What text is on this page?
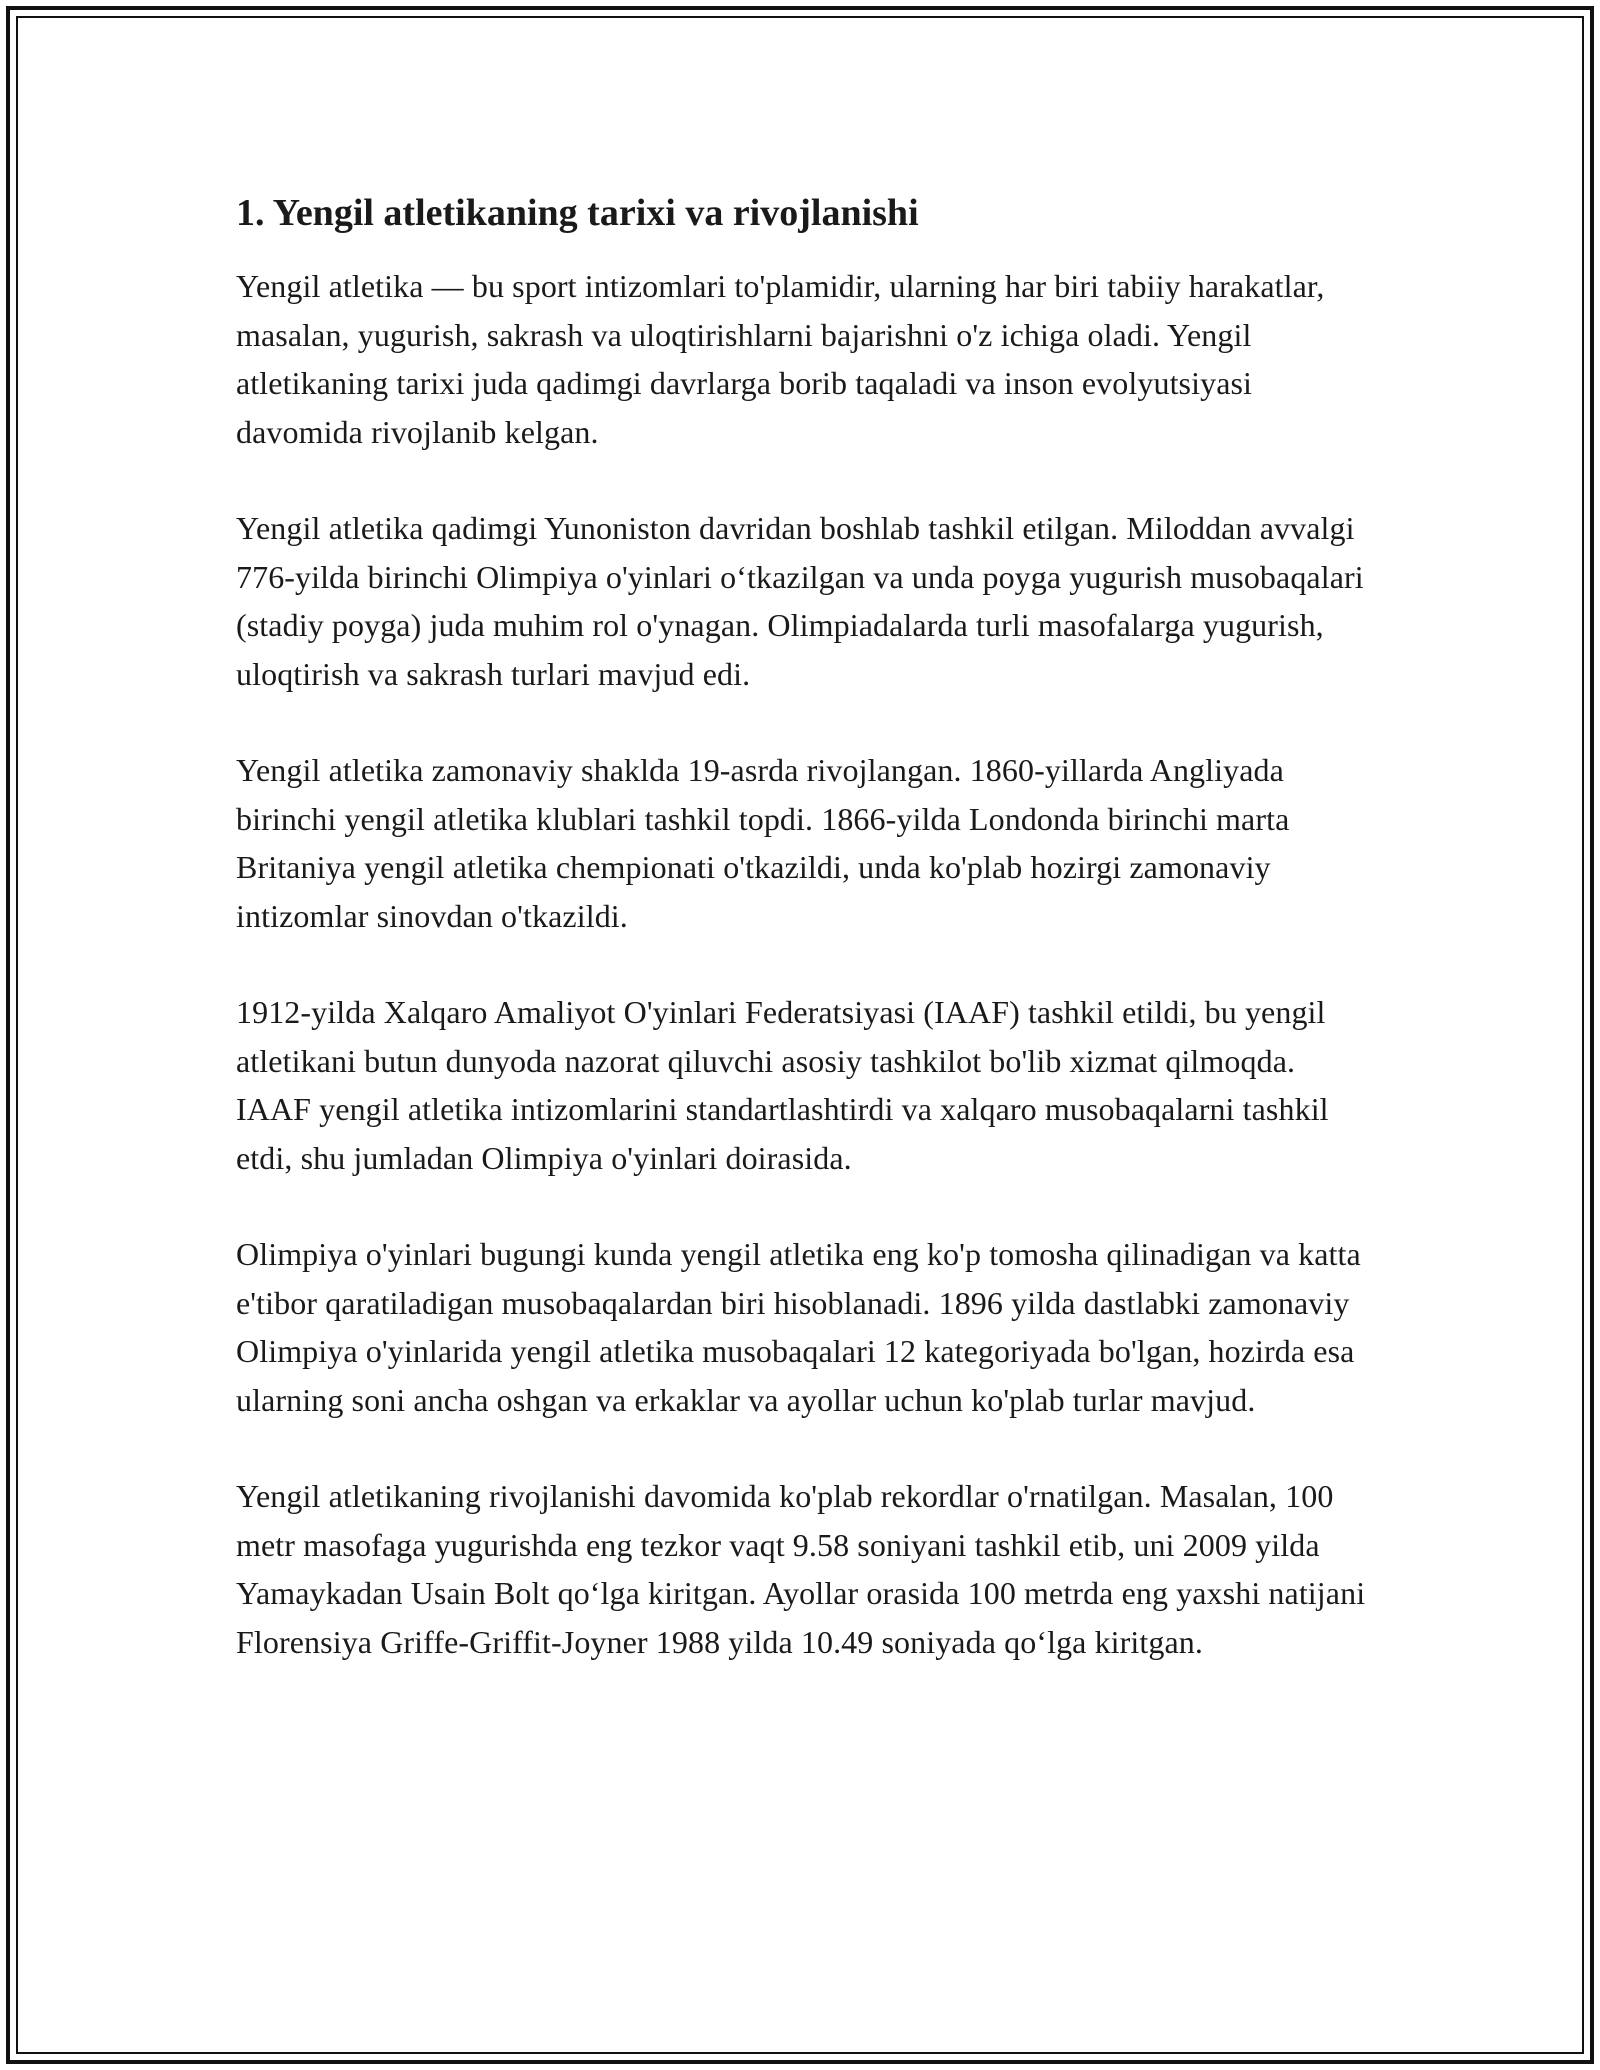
1. Yengil atletikaning tarixi va rivojlanishi

Yengil atletika — bu sport intizomlari to'plamidir, ularning har biri tabiiy harakatlar, masalan, yugurish, sakrash va uloqtirishlarni bajarishni o'z ichiga oladi. Yengil atletikaning tarixi juda qadimgi davrlarga borib taqaladi va inson evolyutsiyasi davomida rivojlanib kelgan.

Yengil atletika qadimgi Yunoniston davridan boshlab tashkil etilgan. Miloddan avvalgi 776-yilda birinchi Olimpiya o'yinlari o‘tkazilgan va unda poyga yugurish musobaqalari (stadiy poyga) juda muhim rol o'ynagan. Olimpiadalarda turli masofalarga yugurish, uloqtirish va sakrash turlari mavjud edi.

Yengil atletika zamonaviy shaklda 19-asrda rivojlangan. 1860-yillarda Angliyada birinchi yengil atletika klublari tashkil topdi. 1866-yilda Londonda birinchi marta Britaniya yengil atletika chempionati o'tkazildi, unda ko'plab hozirgi zamonaviy intizomlar sinovdan o'tkazildi.

1912-yilda Xalqaro Amaliyot O'yinlari Federatsiyasi (IAAF) tashkil etildi, bu yengil atletikani butun dunyoda nazorat qiluvchi asosiy tashkilot bo'lib xizmat qilmoqda. IAAF yengil atletika intizomlarini standartlashtirdi va xalqaro musobaqalarni tashkil etdi, shu jumladan Olimpiya o'yinlari doirasida.

Olimpiya o'yinlari bugungi kunda yengil atletika eng ko'p tomosha qilinadigan va katta e'tibor qaratiladigan musobaqalardan biri hisoblanadi. 1896 yilda dastlabki zamonaviy Olimpiya o'yinlarida yengil atletika musobaqalari 12 kategoriyada bo'lgan, hozirda esa ularning soni ancha oshgan va erkaklar va ayollar uchun ko'plab turlar mavjud.

Yengil atletikaning rivojlanishi davomida ko'plab rekordlar o'rnatilgan. Masalan, 100 metr masofaga yugurishda eng tezkor vaqt 9.58 soniyani tashkil etib, uni 2009 yilda Yamaykadan Usain Bolt qo‘lga kiritgan. Ayollar orasida 100 metrda eng yaxshi natijani Florensiya Griffe-Griffit-Joyner 1988 yilda 10.49 soniyada qo‘lga kiritgan.
